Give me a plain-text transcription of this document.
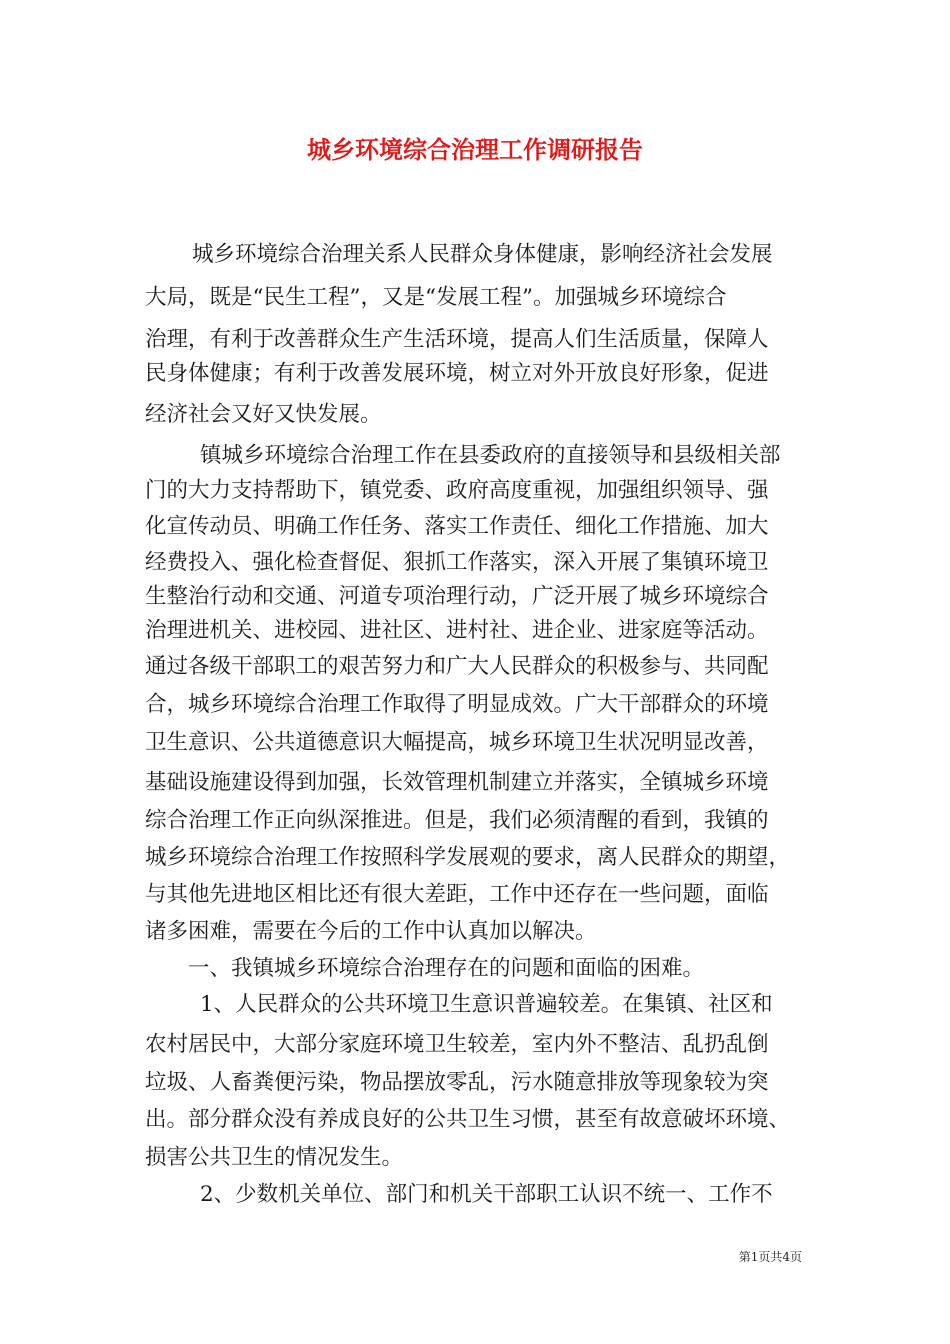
城乡环境综合治理工作调研报告
城乡环境综合治理关系人民群众身体健康，影响经济社会发展
大局，既是“民生工程”，又是“发展工程”。加强城乡环境综合
治理，有利于改善群众生产生活环境，提高人们生活质量，保障人
民身体健康；有利于改善发展环境，树立对外开放良好形象，促进
经济社会又好又快发展。
镇城乡环境综合治理工作在县委政府的直接领导和县级相关部
门的大力支持帮助下，镇党委、政府高度重视，加强组织领导、强
化宣传动员、明确工作任务、落实工作责任、细化工作措施、加大
经费投入、强化检查督促、狠抓工作落实，深入开展了集镇环境卫
生整治行动和交通、河道专项治理行动，广泛开展了城乡环境综合
治理进机关、进校园、进社区、进村社、进企业、进家庭等活动。
通过各级干部职工的艰苦努力和广大人民群众的积极参与、共同配
合，城乡环境综合治理工作取得了明显成效。广大干部群众的环境
卫生意识、公共道德意识大幅提高，城乡环境卫生状况明显改善，
基础设施建设得到加强，长效管理机制建立并落实，全镇城乡环境
综合治理工作正向纵深推进。但是，我们必须清醒的看到，我镇的
城乡环境综合治理工作按照科学发展观的要求，离人民群众的期望，
与其他先进地区相比还有很大差距，工作中还存在一些问题，面临
诸多困难，需要在今后的工作中认真加以解决。
一、我镇城乡环境综合治理存在的问题和面临的困难。
1、人民群众的公共环境卫生意识普遍较差。在集镇、社区和
农村居民中，大部分家庭环境卫生较差，室内外不整洁、乱扔乱倒
垃圾、人畜粪便污染，物品摆放零乱，污水随意排放等现象较为突
出。部分群众没有养成良好的公共卫生习惯，甚至有故意破坏环境、
损害公共卫生的情况发生。
2、少数机关单位、部门和机关干部职工认识不统一、工作不
第1页共4页
